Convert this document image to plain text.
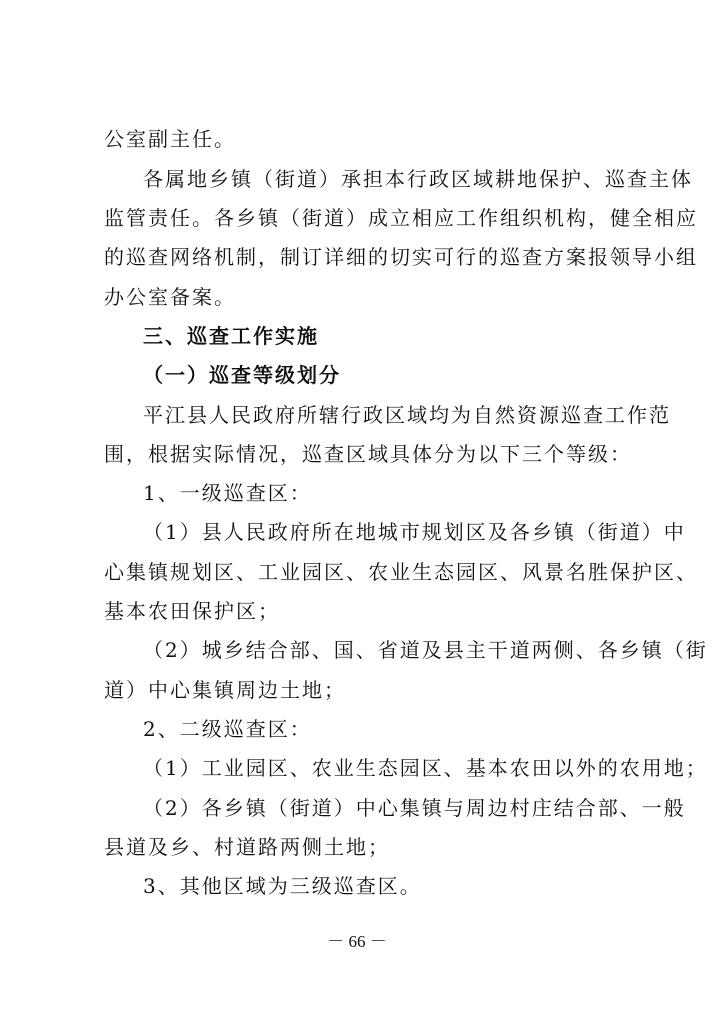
公室副主任。
各属地乡镇（街道）承担本行政区域耕地保护、巡查主体
监管责任。各乡镇（街道）成立相应工作组织机构，健全相应
的巡查网络机制，制订详细的切实可行的巡查方案报领导小组
办公室备案。
三、巡查工作实施
（一）巡查等级划分
平江县人民政府所辖行政区域均为自然资源巡查工作范
围，根据实际情况，巡查区域具体分为以下三个等级：
1、一级巡查区：
（1）县人民政府所在地城市规划区及各乡镇（街道）中
心集镇规划区、工业园区、农业生态园区、风景名胜保护区、
基本农田保护区；
（2）城乡结合部、国、省道及县主干道两侧、各乡镇（街
道）中心集镇周边土地；
2、二级巡查区：
（1）工业园区、农业生态园区、基本农田以外的农用地；
（2）各乡镇（街道）中心集镇与周边村庄结合部、一般
县道及乡、村道路两侧土地；
3、其他区域为三级巡查区。
－ 66 －
